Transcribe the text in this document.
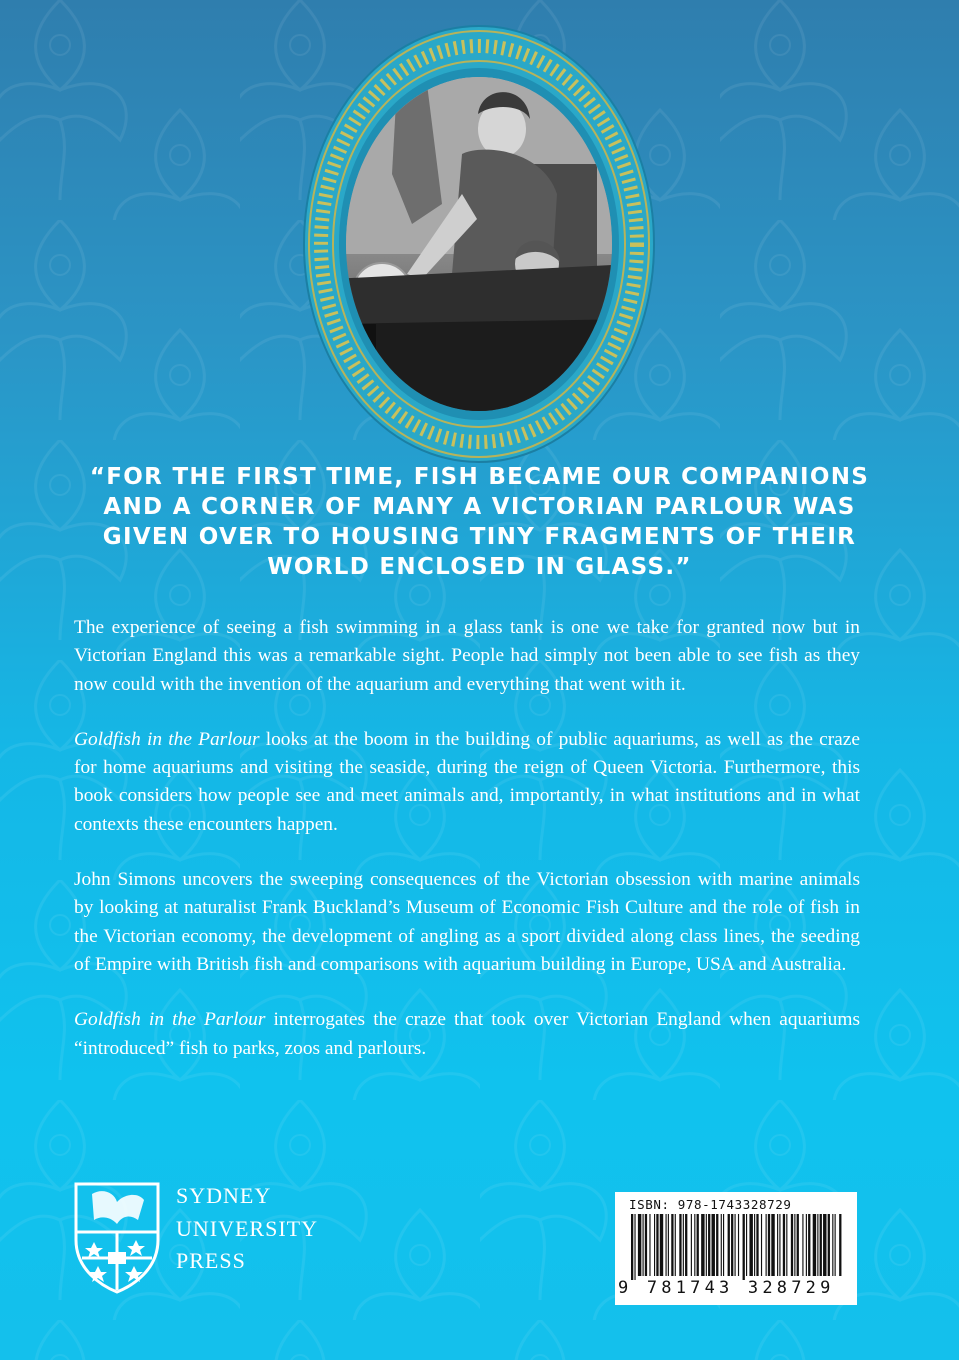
“FOR THE FIRST TIME, FISH BECAME OUR COMPANIONS
AND A CORNER OF MANY A VICTORIAN PARLOUR WAS
GIVEN OVER TO HOUSING TINY FRAGMENTS OF THEIR
WORLD ENCLOSED IN GLASS.”

The experience of seeing a fish swimming in a glass tank is one we take for granted now but in Victorian England this was a remarkable sight. People had simply not been able to see fish as they now could with the invention of the aquarium and everything that went with it.

Goldfish in the Parlour looks at the boom in the building of public aquariums, as well as the craze for home aquariums and visiting the seaside, during the reign of Queen Victoria. Furthermore, this book considers how people see and meet animals and, importantly, in what institutions and in what contexts these encounters happen.

John Simons uncovers the sweeping consequences of the Victorian obsession with marine animals by looking at naturalist Frank Buckland’s Museum of Economic Fish Culture and the role of fish in the Victorian economy, the development of angling as a sport divided along class lines, the seeding of Empire with British fish and comparisons with aquarium building in Europe, USA and Australia.

Goldfish in the Parlour interrogates the craze that took over Victorian England when aquariums “introduced” fish to parks, zoos and parlours.

SYDNEY
UNIVERSITY
PRESS
ISBN: 978-1743328729
9 781743 328729
